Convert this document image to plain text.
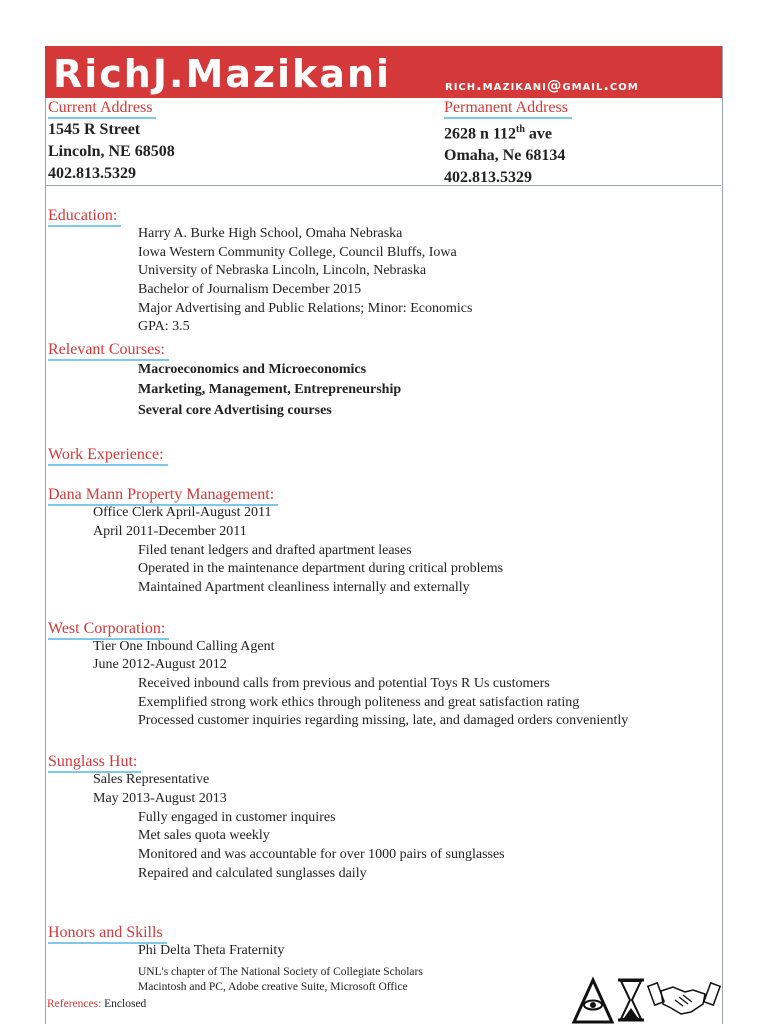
RichJ.Mazikani	rich.mazikani@gmail.com
Current Address
1545 R Street
Lincoln, NE 68508
402.813.5329
Permanent Address
2628 n 112th ave
Omaha, Ne 68134
402.813.5329
Education:
Harry A. Burke High School, Omaha Nebraska
Iowa Western Community College, Council Bluffs, Iowa
University of Nebraska Lincoln, Lincoln, Nebraska
Bachelor of Journalism December 2015
Major Advertising and Public Relations; Minor: Economics
GPA: 3.5
Relevant Courses:
Macroeconomics and Microeconomics
Marketing, Management, Entrepreneurship
Several core Advertising courses
Work Experience:
Dana Mann Property Management:
Office Clerk April-August 2011
April 2011-December 2011
Filed tenant ledgers and drafted apartment leases
Operated in the maintenance department during critical problems
Maintained Apartment cleanliness internally and externally
West Corporation:
Tier One Inbound Calling Agent
June 2012-August 2012
Received inbound calls from previous and potential Toys R Us customers
Exemplified strong work ethics through politeness and great satisfaction rating
Processed customer inquiries regarding missing, late, and damaged orders conveniently
Sunglass Hut:
Sales Representative
May 2013-August 2013
Fully engaged in customer inquires
Met sales quota weekly
Monitored and was accountable for over 1000 pairs of sunglasses
Repaired and calculated sunglasses daily
Honors and Skills
Phi Delta Theta Fraternity
UNL's chapter of The National Society of Collegiate Scholars
Macintosh and PC, Adobe creative Suite, Microsoft Office
References: Enclosed
